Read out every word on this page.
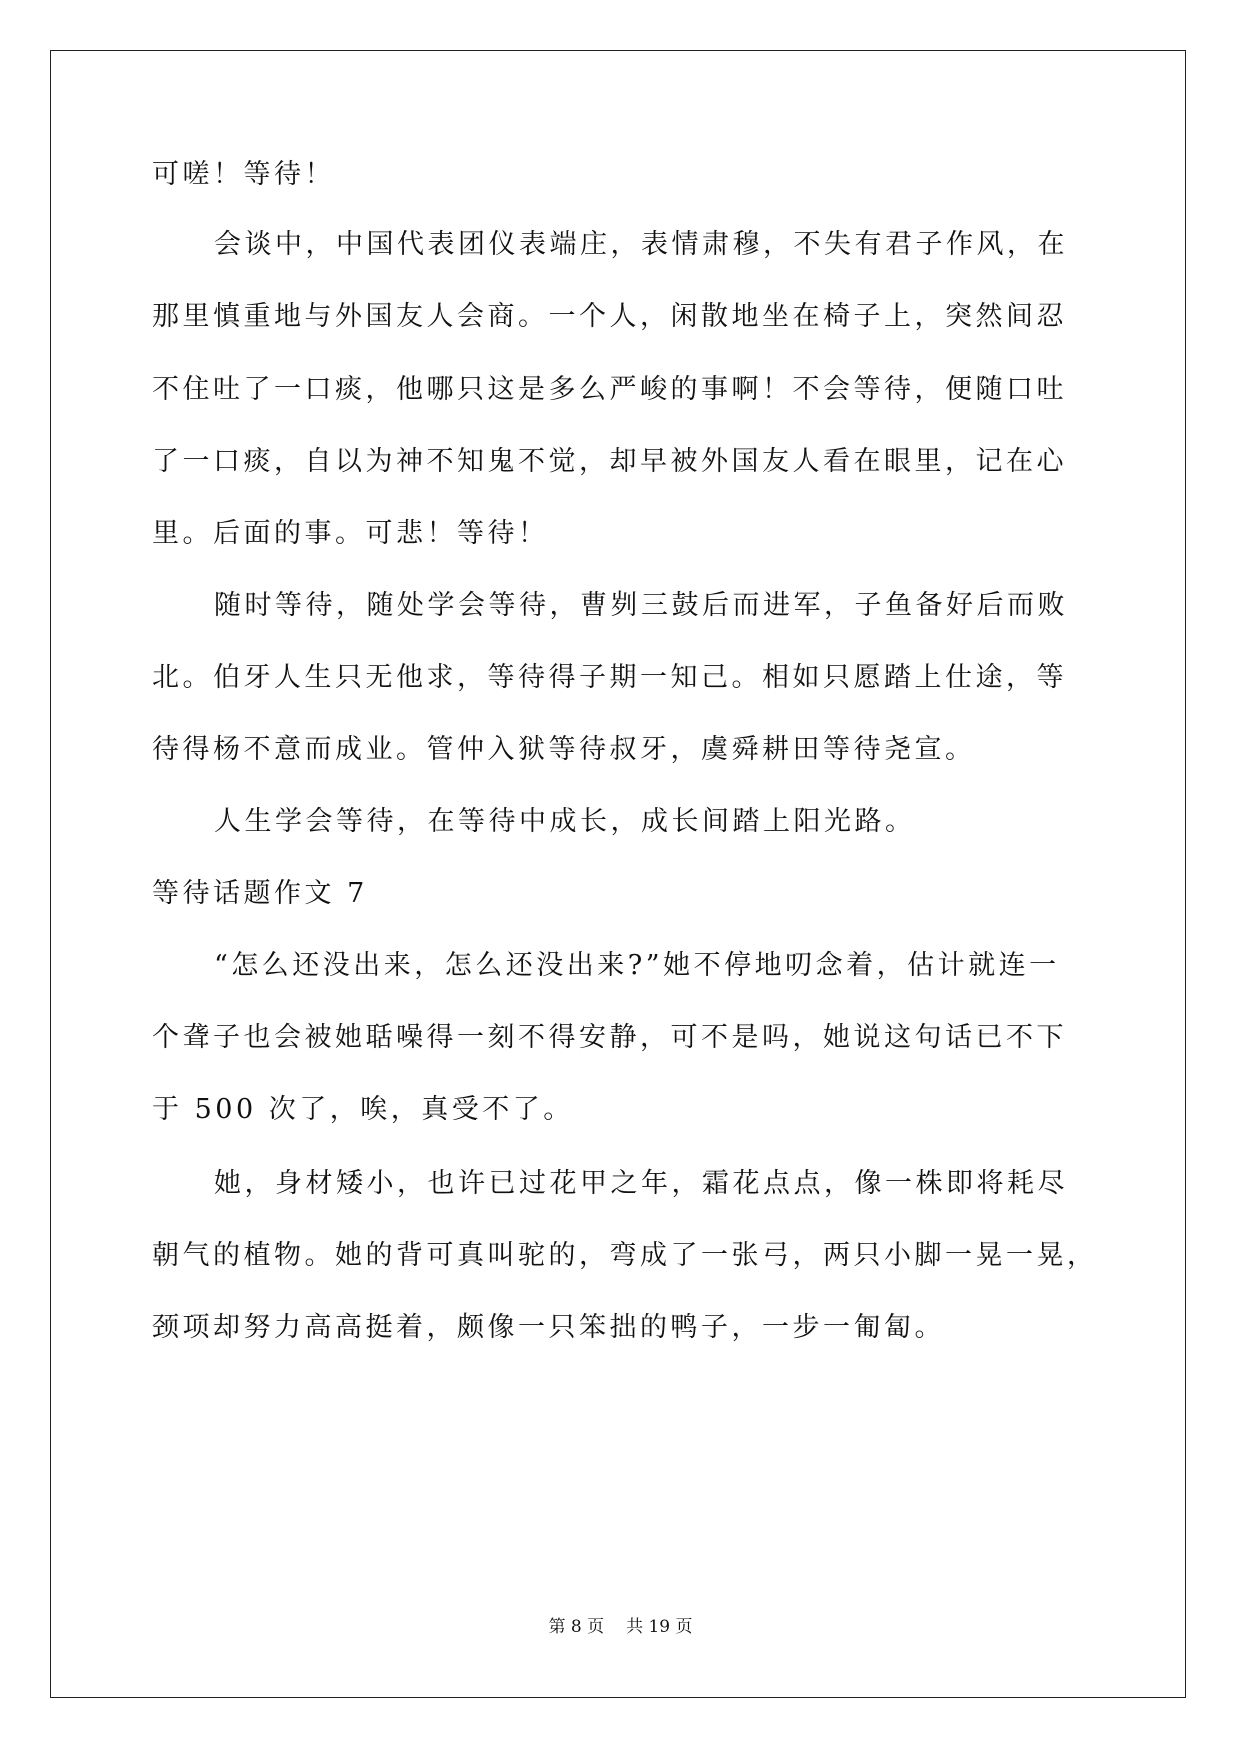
可嗟！等待！
会谈中，中国代表团仪表端庄，表情肃穆，不失有君子作风，在
那里慎重地与外国友人会商。一个人，闲散地坐在椅子上，突然间忍
不住吐了一口痰，他哪只这是多么严峻的事啊！不会等待，便随口吐
了一口痰，自以为神不知鬼不觉，却早被外国友人看在眼里，记在心
里。后面的事。可悲！等待！
随时等待，随处学会等待，曹刿三鼓后而进军，子鱼备好后而败
北。伯牙人生只无他求，等待得子期一知己。相如只愿踏上仕途，等
待得杨不意而成业。管仲入狱等待叔牙，虞舜耕田等待尧宣。
人生学会等待，在等待中成长，成长间踏上阳光路。
等待话题作文 7
“怎么还没出来，怎么还没出来?”她不停地叨念着，估计就连一
个聋子也会被她聒噪得一刻不得安静，可不是吗，她说这句话已不下
于 500 次了，唉，真受不了。
她，身材矮小，也许已过花甲之年，霜花点点，像一株即将耗尽
朝气的植物。她的背可真叫驼的，弯成了一张弓，两只小脚一晃一晃，
颈项却努力高高挺着，颇像一只笨拙的鸭子，一步一匍匐。
第 8 页 共 19 页
